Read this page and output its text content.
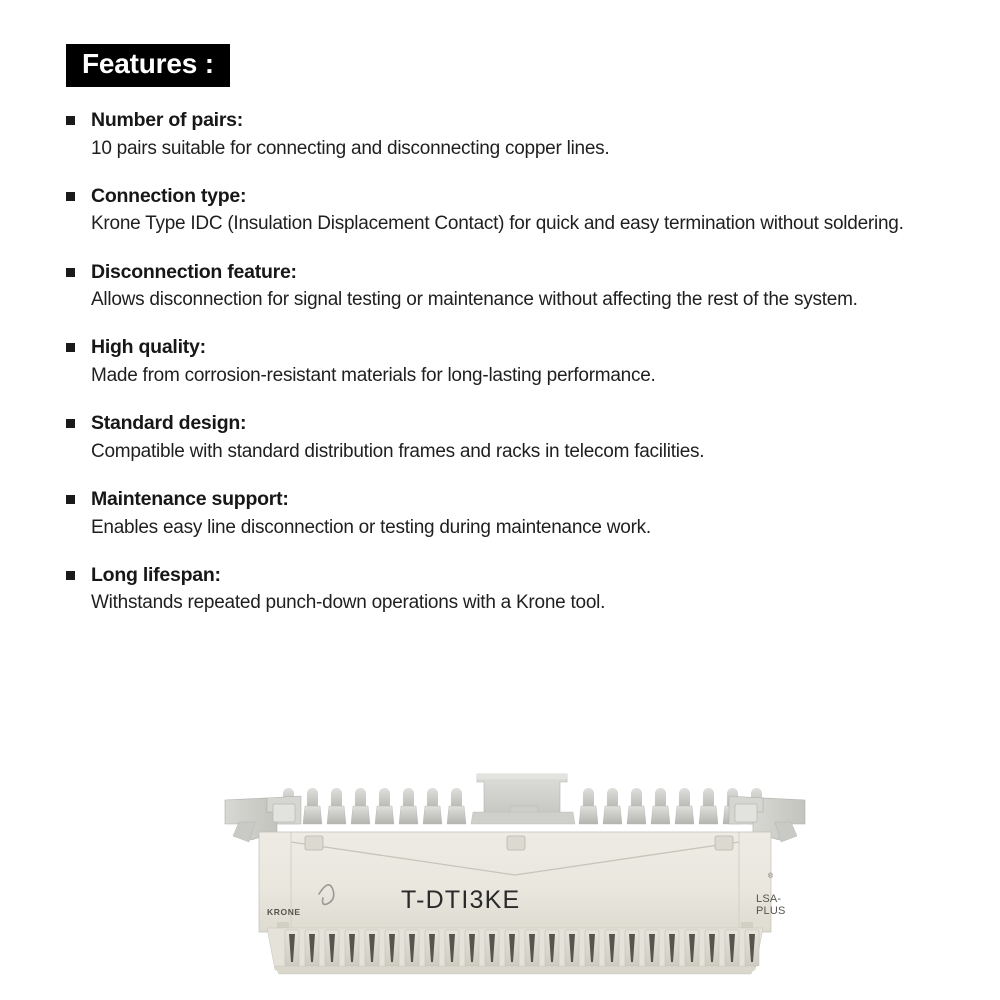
Features :
Number of pairs:
10 pairs suitable for connecting and disconnecting copper lines.
Connection type:
Krone Type IDC (Insulation Displacement Contact) for quick and easy termination without soldering.
Disconnection feature:
Allows disconnection for signal testing or maintenance without affecting the rest of the system.
High quality:
Made from corrosion-resistant materials for long-lasting performance.
Standard design:
Compatible with standard distribution frames and racks in telecom facilities.
Maintenance support:
Enables easy line disconnection or testing during maintenance work.
Long lifespan:
Withstands repeated punch-down operations with a Krone tool.
KRONE	T-DTI3KE
®
LSA-
PLUS
